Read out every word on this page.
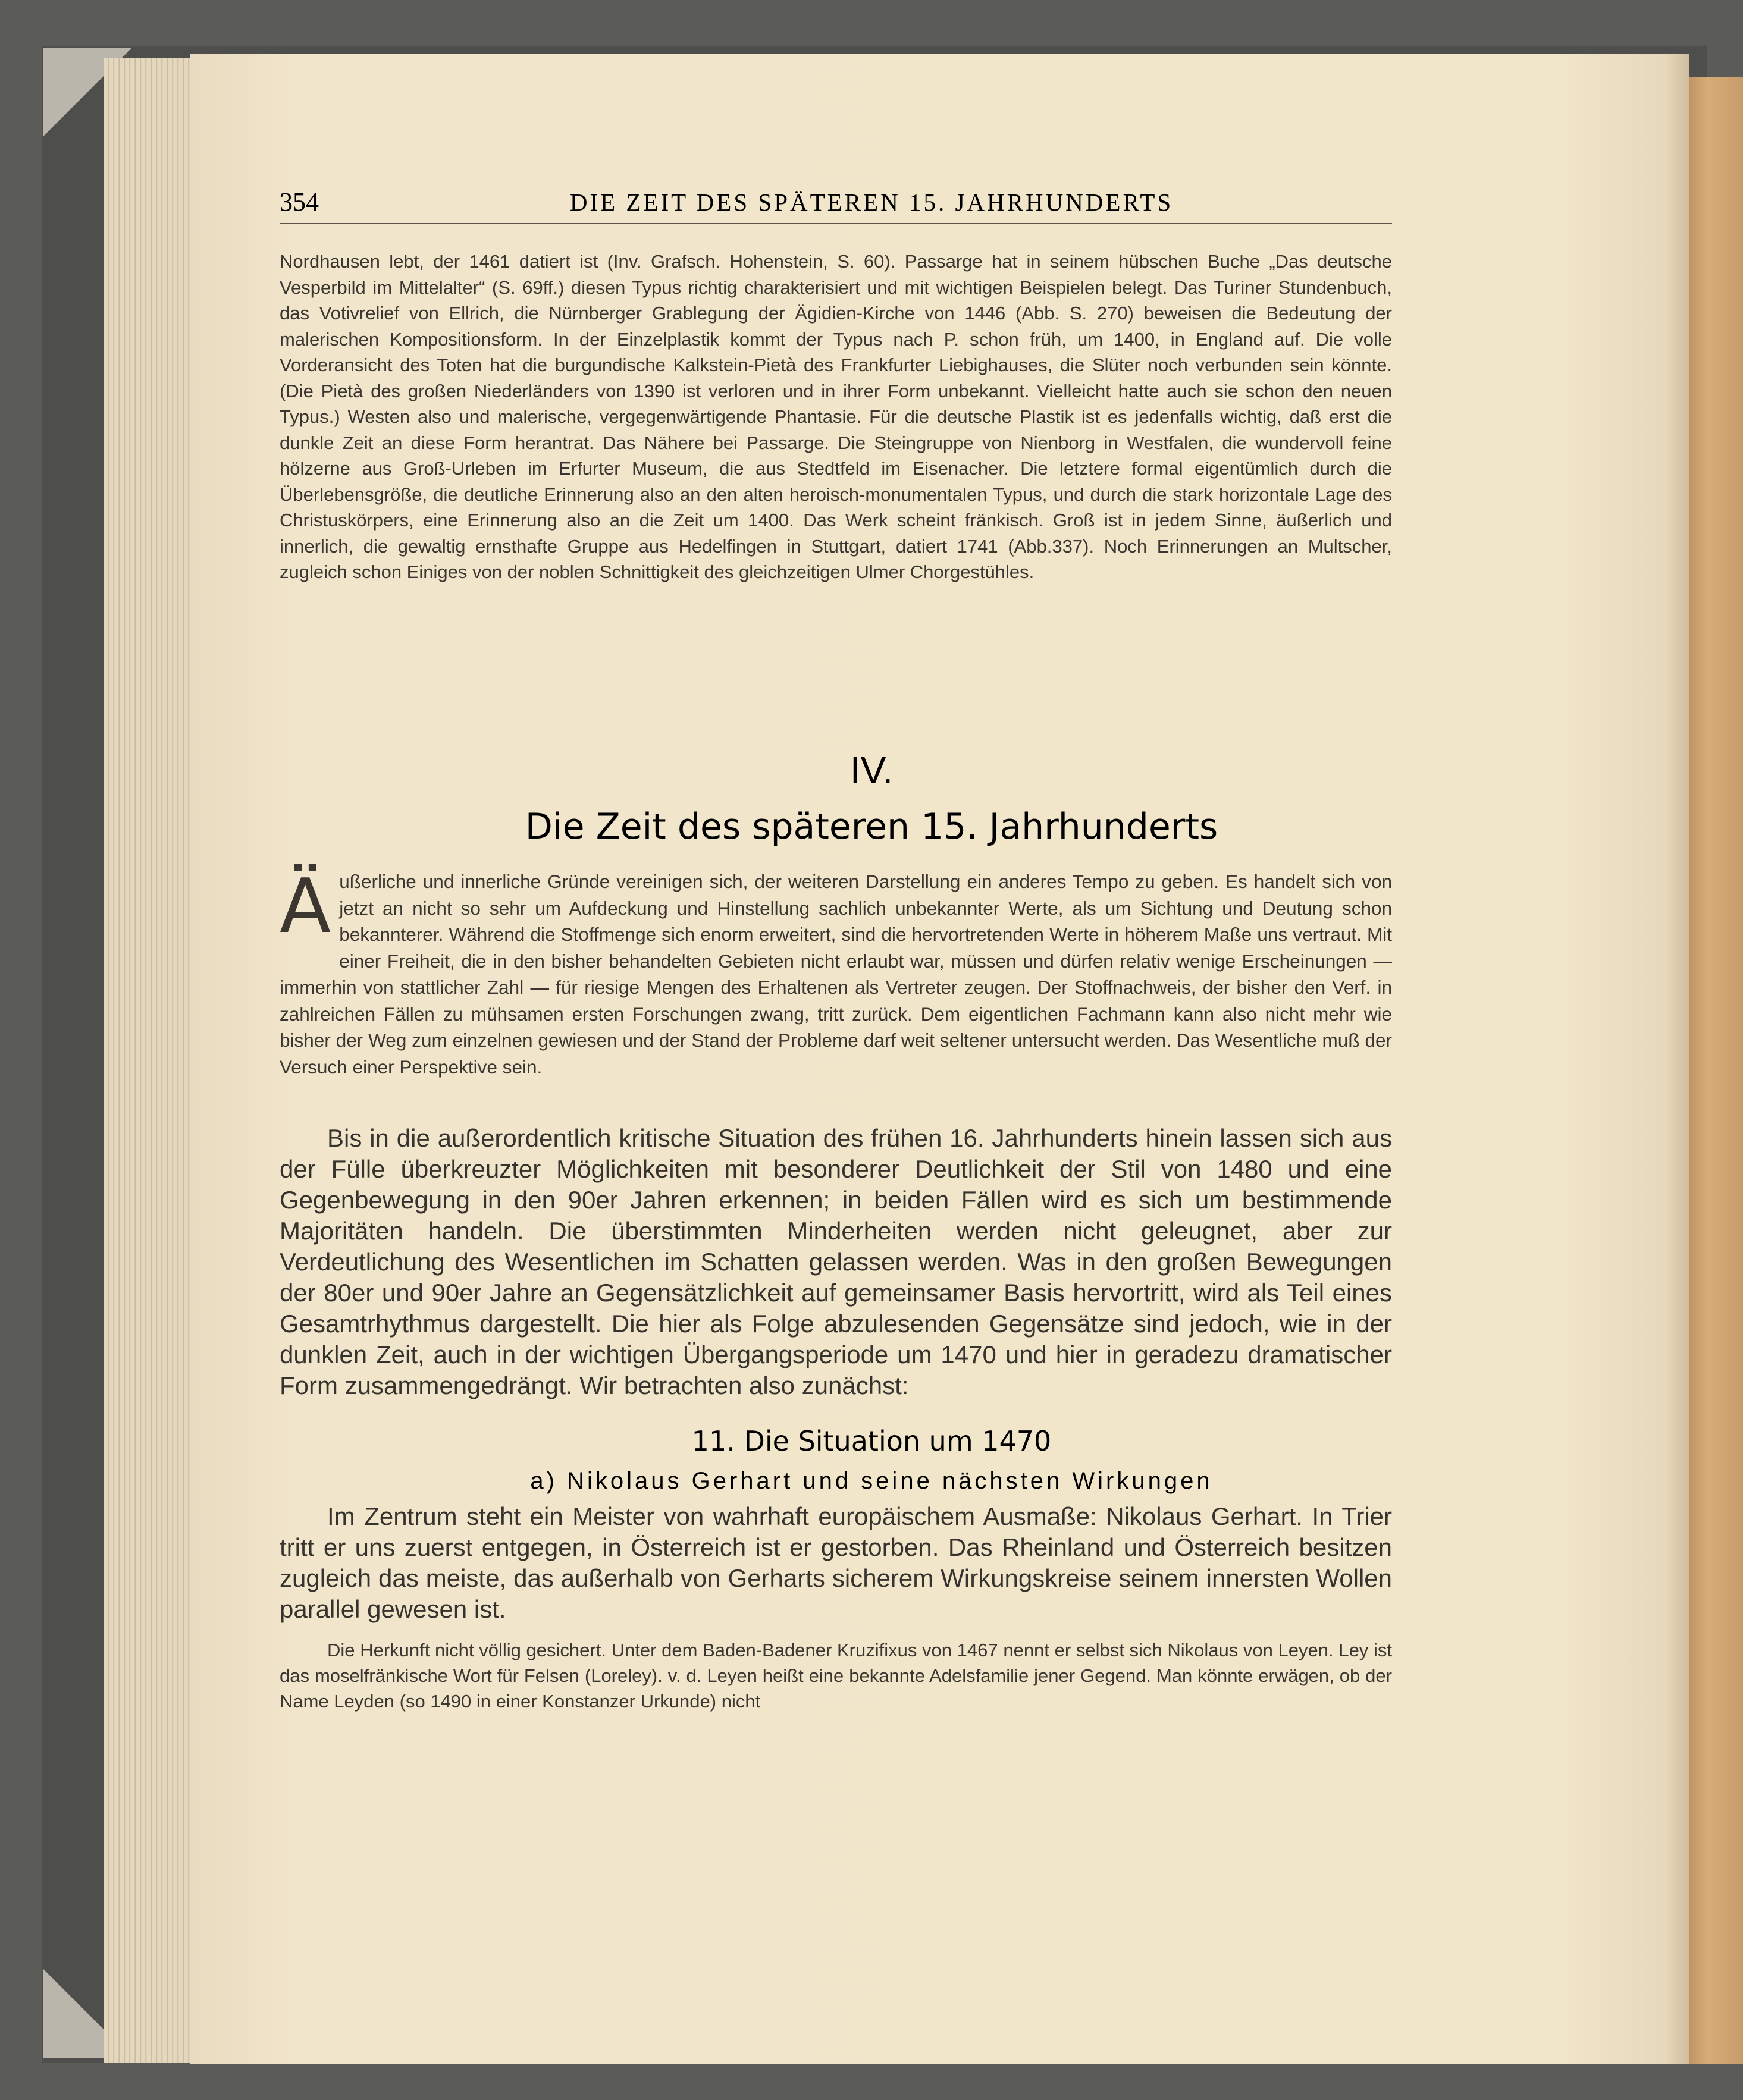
354	DIE ZEIT DES SPÄTEREN 15. JAHRHUNDERTS
Nordhausen lebt, der 1461 datiert ist (Inv. Grafsch. Hohenstein, S. 60). Passarge hat in seinem hübschen Buche „Das deutsche Vesperbild im Mittelalter“ (S. 69ff.) diesen Typus richtig charakterisiert und mit wichtigen Beispielen belegt. Das Turiner Stundenbuch, das Votivrelief von Ellrich, die Nürnberger Grablegung der Ägidien-Kirche von 1446 (Abb. S. 270) beweisen die Bedeutung der malerischen Kompositionsform. In der Einzelplastik kommt der Typus nach P. schon früh, um 1400, in England auf. Die volle Vorderansicht des Toten hat die burgundische Kalkstein-Pietà des Frankfurter Liebighauses, die Slüter noch verbunden sein könnte. (Die Pietà des großen Niederländers von 1390 ist verloren und in ihrer Form unbekannt. Vielleicht hatte auch sie schon den neuen Typus.) Westen also und malerische, vergegenwärtigende Phantasie. Für die deutsche Plastik ist es jedenfalls wichtig, daß erst die dunkle Zeit an diese Form herantrat. Das Nähere bei Passarge. Die Steingruppe von Nienborg in Westfalen, die wundervoll feine hölzerne aus Groß-Urleben im Erfurter Museum, die aus Stedtfeld im Eisenacher. Die letztere formal eigentümlich durch die Überlebensgröße, die deutliche Erinnerung also an den alten heroisch-monumentalen Typus, und durch die stark horizontale Lage des Christuskörpers, eine Erinnerung also an die Zeit um 1400. Das Werk scheint fränkisch. Groß ist in jedem Sinne, äußerlich und innerlich, die gewaltig ernsthafte Gruppe aus Hedelfingen in Stuttgart, datiert 1741 (Abb.337). Noch Erinnerungen an Multscher, zugleich schon Einiges von der noblen Schnittigkeit des gleichzeitigen Ulmer Chorgestühles.
IV.
Die Zeit des späteren 15. Jahrhunderts
Ä ußerliche und innerliche Gründe vereinigen sich, der weiteren Darstellung ein anderes Tempo zu geben. Es handelt sich von jetzt an nicht so sehr um Aufdeckung und Hinstellung sachlich unbekannter Werte, als um Sichtung und Deutung schon bekannterer. Während die Stoffmenge sich enorm erweitert, sind die hervortretenden Werte in höherem Maße uns vertraut. Mit einer Freiheit, die in den bisher behandelten Gebieten nicht erlaubt war, müssen und dürfen relativ wenige Erscheinungen — immerhin von stattlicher Zahl — für riesige Mengen des Erhaltenen als Vertreter zeugen. Der Stoffnachweis, der bisher den Verf. in zahlreichen Fällen zu mühsamen ersten Forschungen zwang, tritt zurück. Dem eigentlichen Fachmann kann also nicht mehr wie bisher der Weg zum einzelnen gewiesen und der Stand der Probleme darf weit seltener untersucht werden. Das Wesentliche muß der Versuch einer Perspektive sein.

Bis in die außerordentlich kritische Situation des frühen 16. Jahrhunderts hinein lassen sich aus der Fülle überkreuzter Möglichkeiten mit besonderer Deutlichkeit der Stil von 1480 und eine Gegenbewegung in den 90er Jahren erkennen; in beiden Fällen wird es sich um bestimmende Majoritäten handeln. Die überstimmten Minderheiten werden nicht geleugnet, aber zur Verdeutlichung des Wesentlichen im Schatten gelassen werden. Was in den großen Bewegungen der 80er und 90er Jahre an Gegensätzlichkeit auf gemeinsamer Basis hervortritt, wird als Teil eines Gesamtrhythmus dargestellt. Die hier als Folge abzulesenden Gegensätze sind jedoch, wie in der dunklen Zeit, auch in der wichtigen Übergangsperiode um 1470 und hier in geradezu dramatischer Form zusammengedrängt. Wir betrachten also zunächst:

11. Die Situation um 1470
a) Nikolaus Gerhart und seine nächsten Wirkungen

Im Zentrum steht ein Meister von wahrhaft europäischem Ausmaße: Nikolaus Gerhart. In Trier tritt er uns zuerst entgegen, in Österreich ist er gestorben. Das Rheinland und Österreich besitzen zugleich das meiste, das außerhalb von Gerharts sicherem Wirkungskreise seinem innersten Wollen parallel gewesen ist.

Die Herkunft nicht völlig gesichert. Unter dem Baden-Badener Kruzifixus von 1467 nennt er selbst sich Nikolaus von Leyen. Ley ist das moselfränkische Wort für Felsen (Loreley). v. d. Leyen heißt eine bekannte Adelsfamilie jener Gegend. Man könnte erwägen, ob der Name Leyden (so 1490 in einer Konstanzer Urkunde) nicht
